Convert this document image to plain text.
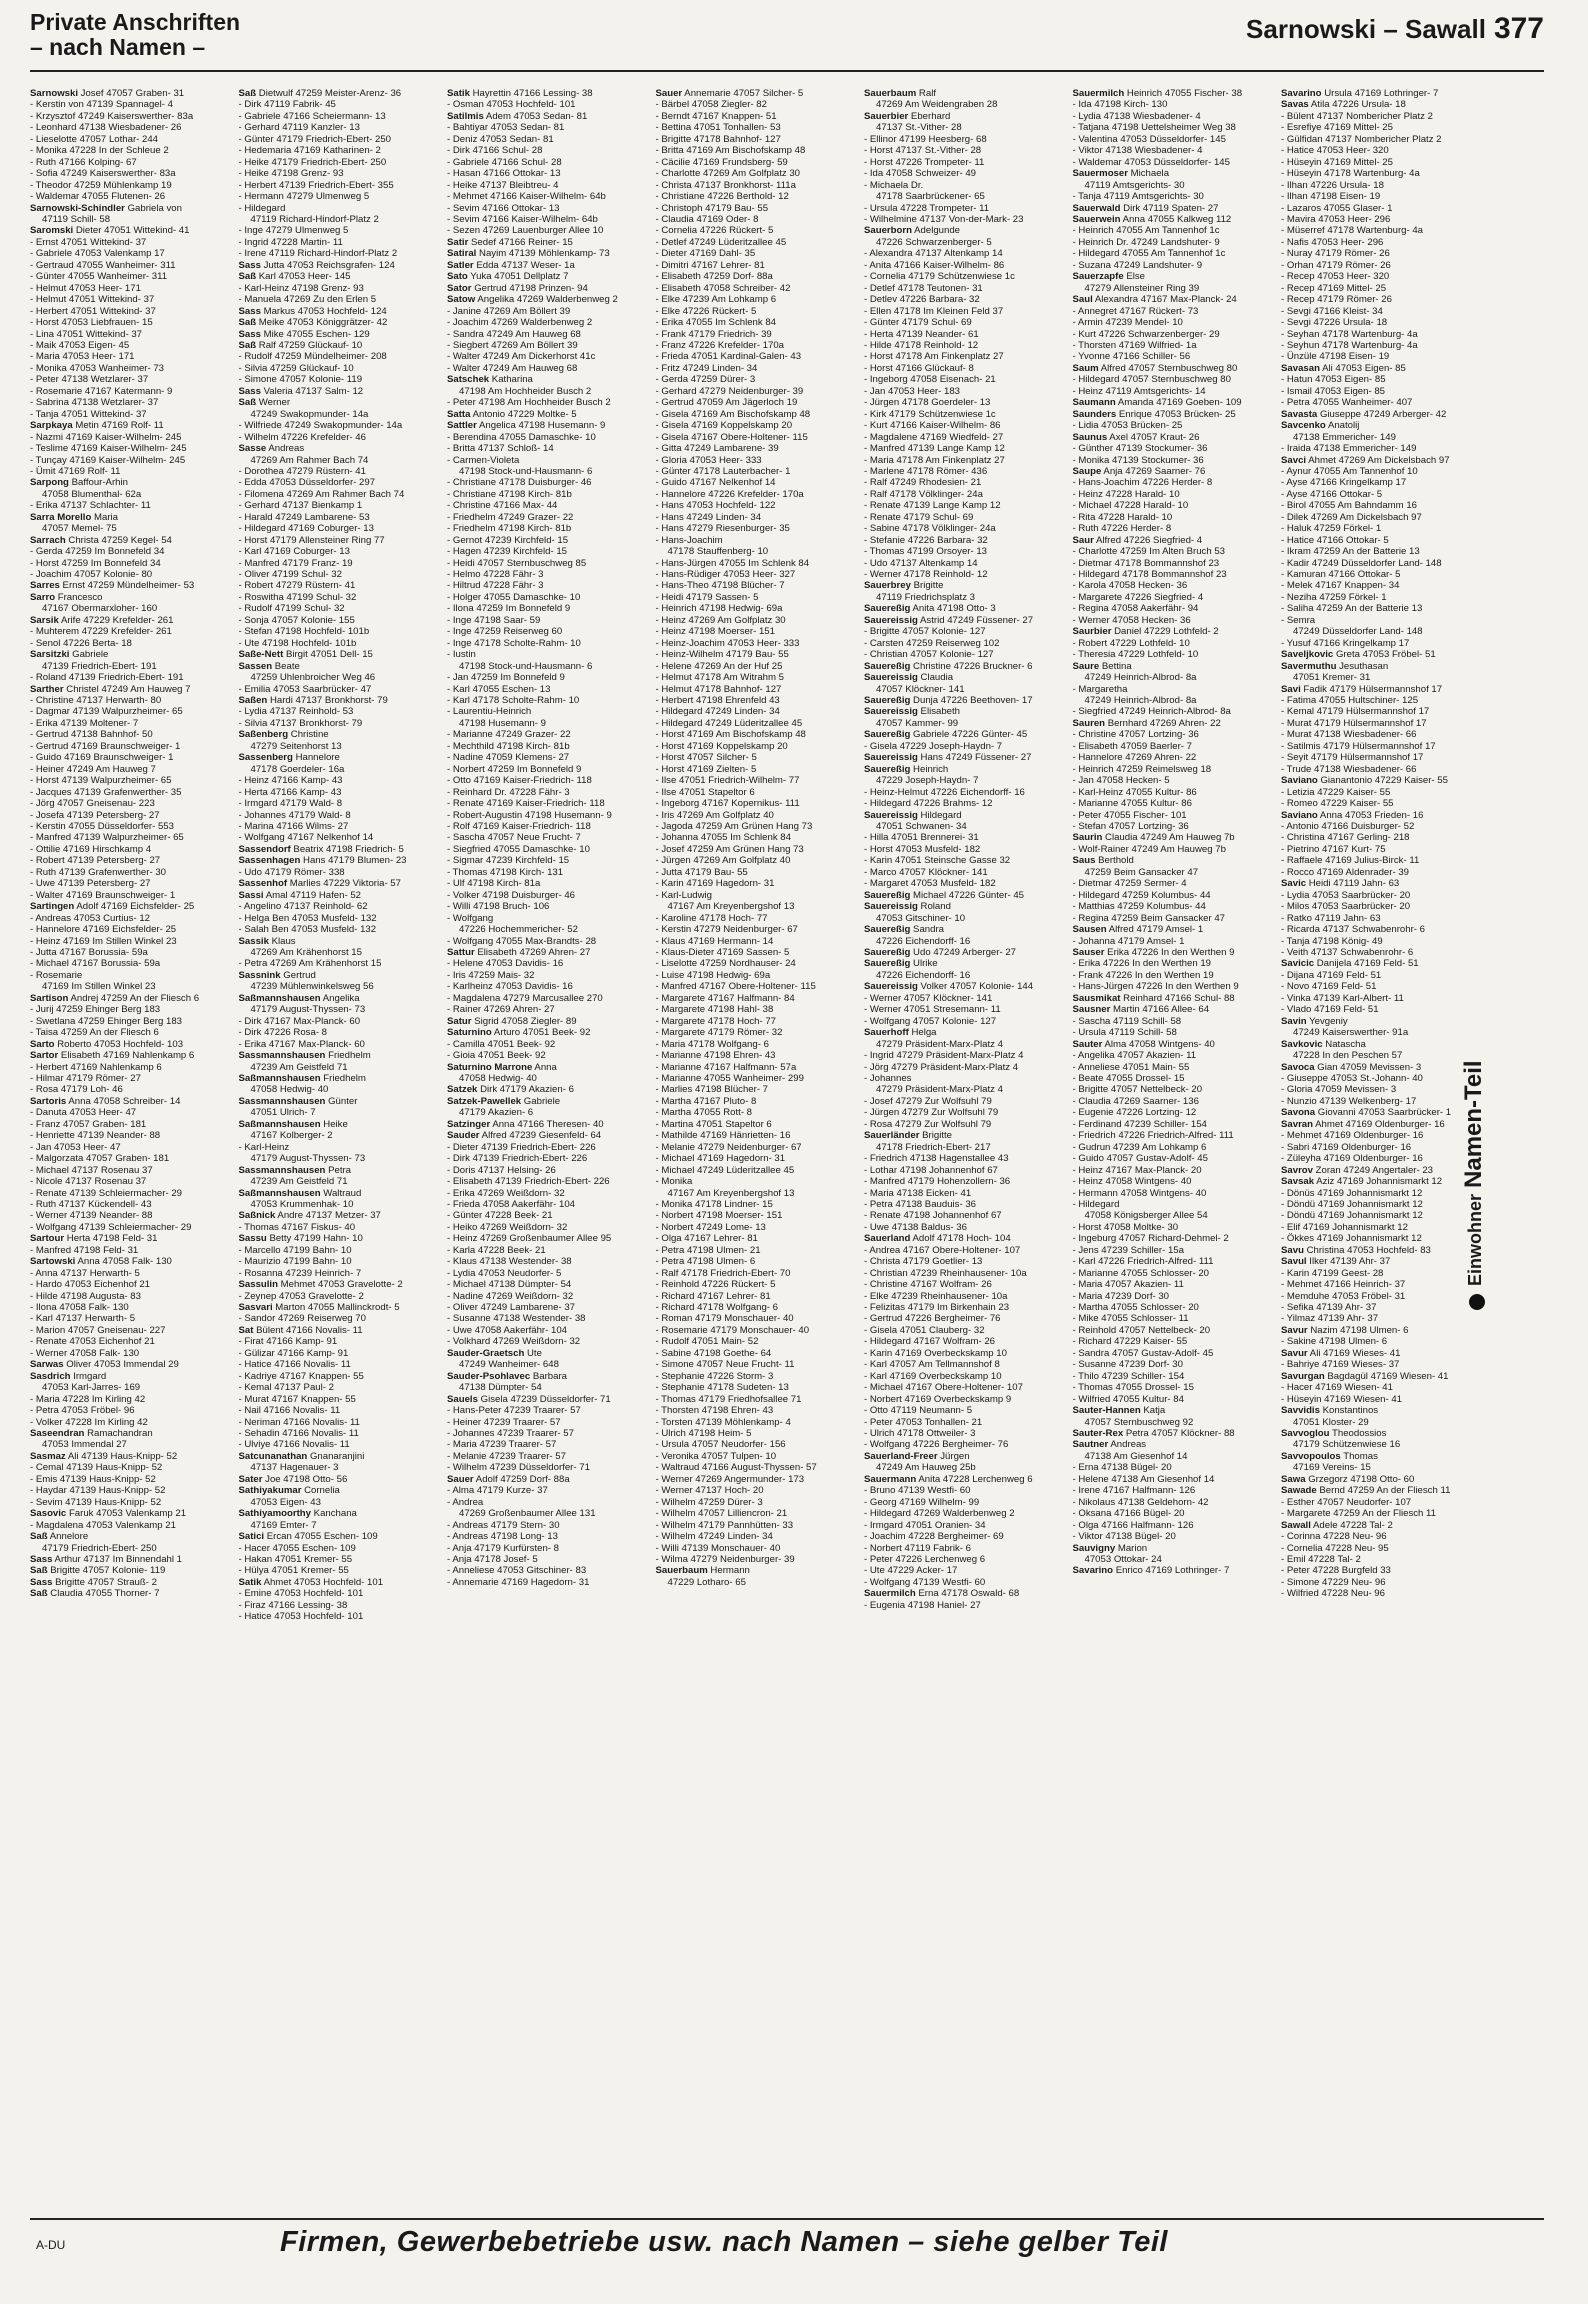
Private Anschriften
– nach Namen –
Sarnowski – Sawall 377
Sarnowski Josef 47057 Graben- 31
- Kerstin von 47139 Spannagel- 4
- Krzysztof 47249 Kaiserswerther- 83a
- Leonhard 47138 Wiesbadener- 26
- Lieselotte 47057 Lothar- 244
- Monika 47228 In der Schleue 2
- Ruth 47166 Kolping- 67
- Sofia 47249 Kaiserswerther- 83a
- Theodor 47259 Mühlenkamp 19
- Waldemar 47055 Flutenen- 26
Sarnowski-Schindler Gabriela von
47119 Schill- 58
Saromski Dieter 47051 Wittekind- 41
- Ernst 47051 Wittekind- 37
- Gabriele 47053 Valenkamp 17
- Gertraud 47055 Wanheimer- 311
- Günter 47055 Wanheimer- 311
- Helmut 47053 Heer- 171
- Helmut 47051 Wittekind- 37
- Herbert 47051 Wittekind- 37
- Horst 47053 Liebfrauen- 15
- Lina 47051 Wittekind- 37
- Maik 47053 Eigen- 45
- Maria 47053 Heer- 171
- Monika 47053 Wanheimer- 73
- Peter 47138 Wetzlarer- 37
- Rosemarie 47167 Katermann- 9
- Sabrina 47138 Wetzlarer- 37
- Tanja 47051 Wittekind- 37
Sarpkaya Metin 47169 Rolf- 11
- Nazmi 47169 Kaiser-Wilhelm- 245
- Teslime 47169 Kaiser-Wilhelm- 245
- Tunçay 47169 Kaiser-Wilhelm- 245
- Ümit 47169 Rolf- 11
Sarpong Baffour-Arhin
47058 Blumenthal- 62a
- Erika 47137 Schlachter- 11
Sarra Morello Maria
47057 Memel- 75
Sarrach Christa 47259 Kegel- 54
- Gerda 47259 Im Bonnefeld 34
- Horst 47259 Im Bonnefeld 34
- Joachim 47057 Kolonie- 80
Sarres Ernst 47259 Mündelheimer- 53
Sarro Francesco
47167 Obermarxloher- 160
Sarsik Arife 47229 Krefelder- 261
- Muhterem 47229 Krefelder- 261
- Senol 47226 Berta- 18
Sarsitzki Gabriele
47139 Friedrich-Ebert- 191
- Roland 47139 Friedrich-Ebert- 191
Sarther Christel 47249 Am Hauweg 7
- Christine 47137 Herwarth- 80
- Dagmar 47139 Walpurzheimer- 65
- Erika 47139 Moltener- 7
- Gertrud 47138 Bahnhof- 50
- Gertrud 47169 Braunschweiger- 1
- Guido 47169 Braunschweiger- 1
- Heiner 47249 Am Hauweg 7
- Horst 47139 Walpurzheimer- 65
- Jacques 47139 Grafenwerther- 35
- Jörg 47057 Gneisenau- 223
- Josefa 47139 Petersberg- 27
- Kerstin 47055 Düsseldorfer- 553
- Manfred 47139 Walpurzheimer- 65
- Ottilie 47169 Hirschkamp 4
- Robert 47139 Petersberg- 27
- Ruth 47139 Grafenwerther- 30
- Uwe 47139 Petersberg- 27
- Walter 47169 Braunschweiger- 1
Sartingen Adolf 47169 Eichsfelder- 25
- Andreas 47053 Curtius- 12
- Hannelore 47169 Eichsfelder- 25
- Heinz 47169 Im Stillen Winkel 23
- Jutta 47167 Borussia- 59a
- Michael 47167 Borussia- 59a
- Rosemarie
47169 Im Stillen Winkel 23
Sartison Andrej 47259 An der Fliesch 6
- Jurij 47259 Ehinger Berg 183
- Swetlana 47259 Ehinger Berg 183
- Taisa 47259 An der Fliesch 6
Sarto Roberto 47053 Hochfeld- 103
Sartor Elisabeth 47169 Nahlenkamp 6
- Herbert 47169 Nahlenkamp 6
- Hilmar 47179 Römer- 27
- Rosa 47179 Loh- 46
Sartoris Anna 47058 Schreiber- 14
- Danuta 47053 Heer- 47
- Franz 47057 Graben- 181
- Henriette 47139 Neander- 88
- Jan 47053 Heer- 47
- Malgorzata 47057 Graben- 181
- Michael 47137 Rosenau 37
- Nicole 47137 Rosenau 37
- Renate 47139 Schleiermacher- 29
- Ruth 47137 Kückendell- 43
- Werner 47139 Neander- 88
- Wolfgang 47139 Schleiermacher- 29
Sartour Herta 47198 Feld- 31
- Manfred 47198 Feld- 31
Sartowski Anna 47058 Falk- 130
- Anna 47137 Herwarth- 5
- Hardo 47053 Eichenhof 21
- Hilde 47198 Augusta- 83
- Ilona 47058 Falk- 130
- Karl 47137 Herwarth- 5
- Marion 47057 Gneisenau- 227
- Renate 47053 Eichenhof 21
- Werner 47058 Falk- 130
Sarwas Oliver 47053 Immendal 29
Sasdrich Irmgard
47053 Karl-Jarres- 169
- Maria 47228 Im Kirling 42
- Petra 47053 Fröbel- 96
- Volker 47228 Im Kirling 42
Saseendran Ramachandran
47053 Immendal 27
Sasmaz Ali 47139 Haus-Knipp- 52
- Cemal 47139 Haus-Knipp- 52
- Emis 47139 Haus-Knipp- 52
- Haydar 47139 Haus-Knipp- 52
- Sevim 47139 Haus-Knipp- 52
Sasovic Faruk 47053 Valenkamp 21
- Magdalena 47053 Valenkamp 21
Saß Annelore
47179 Friedrich-Ebert- 250
Sass Arthur 47137 Im Binnendahl 1
Saß Brigitte 47057 Kolonie- 119
Sass Brigitte 47057 Strauß- 2
Saß Claudia 47055 Thorner- 7
Saß Dietwulf 47259 Meister-Arenz- 36
- Dirk 47119 Fabrik- 45
- Gabriele 47166 Scheiermann- 13
- Gerhard 47119 Kanzler- 13
- Günter 47179 Friedrich-Ebert- 250
- Hedemaria 47169 Katharinen- 2
- Heike 47179 Friedrich-Ebert- 250
- Heike 47198 Grenz- 93
- Herbert 47139 Friedrich-Ebert- 355
- Hermann 47279 Ulmenweg 5
- Hildegard
47119 Richard-Hindorf-Platz 2
- Inge 47279 Ulmenweg 5
- Ingrid 47228 Martin- 11
- Irene 47119 Richard-Hindorf-Platz 2
Sass Jutta 47053 Reichsgrafen- 124
Saß Karl 47053 Heer- 145
- Karl-Heinz 47198 Grenz- 93
- Manuela 47269 Zu den Erlen 5
Sass Markus 47053 Hochfeld- 124
Saß Meike 47053 Königgrätzer- 42
Sass Mike 47055 Eschen- 129
Saß Ralf 47259 Glückauf- 10
- Rudolf 47259 Mündelheimer- 208
- Silvia 47259 Glückauf- 10
- Simone 47057 Kolonie- 119
Sass Valeria 47137 Salm- 12
Saß Werner
47249 Swakopmunder- 14a
- Wilfriede 47249 Swakopmunder- 14a
- Wilhelm 47226 Krefelder- 46
Sasse Andreas
47269 Am Rahmer Bach 74
- Dorothea 47279 Rüstern- 41
- Edda 47053 Düsseldorfer- 297
- Filomena 47269 Am Rahmer Bach 74
- Gerhard 47137 Bienkamp 1
- Harald 47249 Lambarene- 53
- Hildegard 47169 Coburger- 13
- Horst 47179 Allensteiner Ring 77
- Karl 47169 Coburger- 13
- Manfred 47179 Franz- 19
- Oliver 47199 Schul- 32
- Robert 47279 Rüstern- 41
- Roswitha 47199 Schul- 32
- Rudolf 47199 Schul- 32
- Sonja 47057 Kolonie- 155
- Stefan 47198 Hochfeld- 101b
- Ute 47198 Hochfeld- 101b
Saße-Nett Birgit 47051 Dell- 15
Sassen Beate
47259 Uhlenbroicher Weg 46
- Emilia 47053 Saarbrücker- 47
Saßen Hardi 47137 Bronkhorst- 79
- Lydia 47137 Reinhold- 53
- Silvia 47137 Bronkhorst- 79
Saßenberg Christine
47279 Seitenhorst 13
Sassenberg Hannelore
47178 Goerdeler- 16a
- Heinz 47166 Kamp- 43
- Herta 47166 Kamp- 43
- Irmgard 47179 Wald- 8
- Johannes 47179 Wald- 8
- Marina 47166 Wilms- 27
- Wolfgang 47167 Nelkenhof 14
Sassendorf Beatrix 47198 Friedrich- 5
Sassenhagen Hans 47179 Blumen- 23
- Udo 47179 Römer- 338
Sassenhof Marlies 47229 Viktoria- 57
Sassi Amal 47119 Hafen- 52
- Angelino 47137 Reinhold- 62
- Helga Ben 47053 Musfeld- 132
- Salah Ben 47053 Musfeld- 132
Sassik Klaus
47269 Am Krähenhorst 15
- Petra 47269 Am Krähenhorst 15
Sassnink Gertrud
47239 Mühlenwinkelsweg 56
Saßmannshausen Angelika
47179 August-Thyssen- 73
- Dirk 47167 Max-Planck- 60
- Dirk 47226 Rosa- 8
- Erika 47167 Max-Planck- 60
Sassmannshausen Friedhelm
47239 Am Geistfeld 71
Saßmannshausen Friedhelm
47058 Hedwig- 40
Sassmannshausen Günter
47051 Ulrich- 7
Saßmannshausen Heike
47167 Kolberger- 2
- Karl-Heinz
47179 August-Thyssen- 73
Sassmannshausen Petra
47239 Am Geistfeld 71
Saßmannshausen Waltraud
47053 Krummenhak- 10
Saßnick Andre 47137 Metzer- 37
- Thomas 47167 Fiskus- 40
Sassu Betty 47199 Hahn- 10
- Marcello 47199 Bahn- 10
- Maurizio 47199 Bahn- 10
- Rosanna 47239 Heinrich- 7
Sassulin Mehmet 47053 Gravelotte- 2
- Zeynep 47053 Gravelotte- 2
Sasvari Marton 47055 Mallinckrodt- 5
- Sandor 47269 Reiserweg 70
Sat Bülent 47166 Novalis- 11
- Firat 47166 Kamp- 91
- Gülizar 47166 Kamp- 91
- Hatice 47166 Novalis- 11
- Kadriye 47167 Knappen- 55
- Kemal 47137 Paul- 2
- Murat 47167 Knappen- 55
- Nail 47166 Novalis- 11
- Neriman 47166 Novalis- 11
- Sehadin 47166 Novalis- 11
- Ulviye 47166 Novalis- 11
Satcunanathan Gnanaranjini
47137 Hagenauer- 3
Sater Joe 47198 Otto- 56
Sathiyakumar Cornelia
47053 Eigen- 43
Sathiyamoorthy Kanchana
47169 Emter- 7
Satici Ercan 47055 Eschen- 109
- Hacer 47055 Eschen- 109
- Hakan 47051 Kremer- 55
- Hülya 47051 Kremer- 55
Satik Ahmet 47053 Hochfeld- 101
- Emine 47053 Hochfeld- 101
- Firaz 47166 Lessing- 38
- Hatice 47053 Hochfeld- 101
Satik Hayrettin 47166 Lessing- 38
- Osman 47053 Hochfeld- 101
Satilmis Adem 47053 Sedan- 81
- Bahtiyar 47053 Sedan- 81
- Deniz 47053 Sedan- 81
- Dirk 47166 Schul- 28
- Gabriele 47166 Schul- 28
- Hasan 47166 Ottokar- 13
- Heike 47137 Bleibtreu- 4
- Mehmet 47166 Kaiser-Wilhelm- 64b
- Sevim 47166 Ottokar- 13
- Sevim 47166 Kaiser-Wilhelm- 64b
- Sezen 47269 Lauenburger Allee 10
Satir Sedef 47166 Reiner- 15
Satiral Nayim 47139 Möhlenkamp- 73
Satler Edda 47137 Weser- 1a
Sato Yuka 47051 Dellplatz 7
Sator Gertrud 47198 Prinzen- 94
Satow Angelika 47269 Walderbenweg 2
- Janine 47269 Am Böllert 39
- Joachim 47269 Walderbenweg 2
- Sandra 47249 Am Hauweg 68
- Siegbert 47269 Am Böllert 39
- Walter 47249 Am Dickerhorst 41c
- Walter 47249 Am Hauweg 68
Satschek Katharina
47198 Am Hochheider Busch 2
- Peter 47198 Am Hochheider Busch 2
Satta Antonio 47229 Moltke- 5
Sattler Angelica 47198 Husemann- 9
- Berendina 47055 Damaschke- 10
- Britta 47137 Schloß- 14
- Carmen-Violeta
47198 Stock-und-Hausmann- 6
- Christiane 47178 Duisburger- 46
- Christiane 47198 Kirch- 81b
- Christine 47166 Max- 44
- Friedhelm 47249 Grazer- 22
- Friedhelm 47198 Kirch- 81b
- Gernot 47239 Kirchfeld- 15
- Hagen 47239 Kirchfeld- 15
- Heidi 47057 Sternbuschweg 85
- Helmo 47228 Fähr- 3
- Hiltrud 47228 Fähr- 3
- Holger 47055 Damaschke- 10
- Ilona 47259 Im Bonnefeld 9
- Inge 47198 Saar- 59
- Inge 47259 Reiserweg 60
- Inge 47178 Scholte-Rahm- 10
- Iustin
47198 Stock-und-Hausmann- 6
- Jan 47259 Im Bonnefeld 9
- Karl 47055 Eschen- 13
- Karl 47178 Scholte-Rahm- 10
- Laurentiu-Heinrich
47198 Husemann- 9
- Marianne 47249 Grazer- 22
- Mechthild 47198 Kirch- 81b
- Nadine 47059 Klemens- 27
- Norbert 47259 Im Bonnefeld 9
- Otto 47169 Kaiser-Friedrich- 118
- Reinhard Dr. 47228 Fähr- 3
- Renate 47169 Kaiser-Friedrich- 118
- Robert-Augustin 47198 Husemann- 9
- Rolf 47169 Kaiser-Friedrich- 118
- Sascha 47057 Neue Frucht- 7
- Siegfried 47055 Damaschke- 10
- Sigmar 47239 Kirchfeld- 15
- Thomas 47198 Kirch- 131
- Ulf 47198 Kirch- 81a
- Volker 47198 Duisburger- 46
- Willi 47198 Bruch- 106
- Wolfgang
47226 Hochemmericher- 52
- Wolfgang 47055 Max-Brandts- 28
Sattur Elisabeth 47269 Ahren- 27
- Helene 47053 Davidis- 16
- Iris 47259 Mais- 32
- Karlheinz 47053 Davidis- 16
- Magdalena 47279 Marcusallee 270
- Rainer 47269 Ahren- 27
Satur Sigrid 47058 Ziegler- 89
Saturnino Arturo 47051 Beek- 92
- Camilla 47051 Beek- 92
- Gioia 47051 Beek- 92
Saturnino Marrone Anna
47058 Hedwig- 40
Satzek Dirk 47179 Akazien- 6
Satzek-Pawellek Gabriele
47179 Akazien- 6
Satzinger Anna 47166 Theresen- 40
Sauder Alfred 47239 Giesenfeld- 64
- Dieter 47139 Friedrich-Ebert- 226
- Dirk 47139 Friedrich-Ebert- 226
- Doris 47137 Helsing- 26
- Elisabeth 47139 Friedrich-Ebert- 226
- Erika 47269 Weißdorn- 32
- Frieda 47058 Aakerfähr- 104
- Günter 47228 Beek- 21
- Heiko 47269 Weißdorn- 32
- Heinz 47269 Großenbaumer Allee 95
- Karla 47228 Beek- 21
- Klaus 47138 Westender- 38
- Lydia 47053 Neudorfer- 5
- Michael 47138 Dümpter- 54
- Nadine 47269 Weißdorn- 32
- Oliver 47249 Lambarene- 37
- Susanne 47138 Westender- 38
- Uwe 47058 Aakerfähr- 104
- Volkhard 47269 Weißdorn- 32
Sauder-Graetsch Ute
47249 Wanheimer- 648
Sauder-Psohlavec Barbara
47138 Dümpter- 54
Sauels Gisela 47239 Düsseldorfer- 71
- Hans-Peter 47239 Traarer- 57
- Heiner 47239 Traarer- 57
- Johannes 47239 Traarer- 57
- Maria 47239 Traarer- 57
- Melanie 47239 Traarer- 57
- Wilhelm 47239 Düsseldorfer- 71
Sauer Adolf 47259 Dorf- 88a
- Alma 47179 Kurze- 37
- Andrea
47269 Großenbaumer Allee 131
- Andreas 47179 Stern- 30
- Andreas 47198 Long- 13
- Anja 47179 Kurfürsten- 8
- Anja 47178 Josef- 5
- Anneliese 47053 Gitschiner- 83
- Annemarie 47169 Hagedorn- 31
Sauer Annemarie 47057 Silcher- 5
- Bärbel 47058 Ziegler- 82
- Berndt 47167 Knappen- 51
- Bettina 47051 Tonhallen- 53
- Brigitte 47178 Bahnhof- 127
- Britta 47169 Am Bischofskamp 48
- Cäcilie 47169 Frundsberg- 59
- Charlotte 47269 Am Golfplatz 30
- Christa 47137 Bronkhorst- 111a
- Christiane 47226 Berthold- 12
- Christoph 47179 Bau- 55
- Claudia 47169 Oder- 8
- Cornelia 47226 Rückert- 5
- Detlef 47249 Lüderitzallee 45
- Dieter 47169 Dahl- 35
- Dimitri 47167 Lehrer- 81
- Elisabeth 47259 Dorf- 88a
- Elisabeth 47058 Schreiber- 42
- Elke 47239 Am Lohkamp 6
- Elke 47226 Rückert- 5
- Erika 47055 Im Schlenk 84
- Frank 47179 Friedrich- 39
- Franz 47226 Krefelder- 170a
- Frieda 47051 Kardinal-Galen- 43
- Fritz 47249 Linden- 34
- Gerda 47259 Dürer- 3
- Gerhard 47279 Neidenburger- 39
- Gertrud 47059 Am Jägerloch 19
- Gisela 47169 Am Bischofskamp 48
- Gisela 47169 Koppelskamp 20
- Gisela 47167 Obere-Holtener- 115
- Gitta 47249 Lambarene- 39
- Gloria 47053 Heer- 333
- Günter 47178 Lauterbacher- 1
- Guido 47167 Nelkenhof 14
- Hannelore 47226 Krefelder- 170a
- Hans 47053 Hochfeld- 122
- Hans 47249 Linden- 34
- Hans 47279 Riesenburger- 35
- Hans-Joachim
47178 Stauffenberg- 10
- Hans-Jürgen 47055 Im Schlenk 84
- Hans-Rüdiger 47053 Heer- 327
- Hans-Theo 47198 Blücher- 7
- Heidi 47179 Sassen- 5
- Heinrich 47198 Hedwig- 69a
- Heinz 47269 Am Golfplatz 30
- Heinz 47198 Moerser- 151
- Heinz-Joachim 47053 Heer- 333
- Heinz-Wilhelm 47179 Bau- 55
- Helene 47269 An der Huf 25
- Helmut 47178 Am Witrahm 5
- Helmut 47178 Bahnhof- 127
- Herbert 47198 Ehrenfeld 43
- Hildegard 47249 Linden- 34
- Hildegard 47249 Lüderitzallee 45
- Horst 47169 Am Bischofskamp 48
- Horst 47169 Koppelskamp 20
- Horst 47057 Silcher- 5
- Horst 47169 Zielten- 5
- Ilse 47051 Friedrich-Wilhelm- 77
- Ilse 47051 Stapeltor 6
- Ingeborg 47167 Kopernikus- 111
- Iris 47269 Am Golfplatz 40
- Jagoda 47259 Am Grünen Hang 73
- Johanna 47055 Im Schlenk 84
- Josef 47259 Am Grünen Hang 73
- Jürgen 47269 Am Golfplatz 40
- Jutta 47179 Bau- 55
- Karin 47169 Hagedorn- 31
- Karl-Ludwig
47167 Am Kreyenbergshof 13
- Karoline 47178 Hoch- 77
- Kerstin 47279 Neidenburger- 67
- Klaus 47169 Hermann- 14
- Klaus-Dieter 47169 Sassen- 5
- Liselotte 47259 Nordhauser- 24
- Luise 47198 Hedwig- 69a
- Manfred 47167 Obere-Holtener- 115
- Margarete 47167 Halfmann- 84
- Margarete 47198 Hahl- 38
- Margarete 47178 Hoch- 77
- Margarete 47179 Römer- 32
- Maria 47178 Wolfgang- 6
- Marianne 47198 Ehren- 43
- Marianne 47167 Halfmann- 57a
- Marianne 47055 Wanheimer- 299
- Marlies 47198 Blücher- 7
- Martha 47167 Pluto- 8
- Martha 47055 Rott- 8
- Martina 47051 Stapeltor 6
- Mathilde 47169 Hänrietten- 16
- Melanie 47279 Neidenburger- 67
- Michael 47169 Hagedorn- 31
- Michael 47249 Lüderitzallee 45
- Monika
47167 Am Kreyenbergshof 13
- Monika 47178 Lindner- 15
- Norbert 47198 Moerser- 151
- Norbert 47249 Lome- 13
- Olga 47167 Lehrer- 81
- Petra 47198 Ulmen- 21
- Petra 47198 Ulmen- 6
- Ralf 47178 Friedrich-Ebert- 70
- Reinhold 47226 Rückert- 5
- Richard 47167 Lehrer- 81
- Richard 47178 Wolfgang- 6
- Roman 47179 Monschauer- 40
- Rosemarie 47179 Monschauer- 40
- Rudolf 47051 Main- 52
- Sabine 47198 Goethe- 64
- Simone 47057 Neue Frucht- 11
- Stephanie 47226 Storm- 3
- Stephanie 47178 Sudeten- 13
- Thomas 47179 Friedhofsallee 71
- Thorsten 47198 Ehren- 43
- Torsten 47139 Möhlenkamp- 4
- Ulrich 47198 Heim- 5
- Ursula 47057 Neudorfer- 156
- Veronika 47057 Tulpen- 10
- Waltraud 47166 August-Thyssen- 57
- Werner 47269 Angermunder- 173
- Werner 47137 Hoch- 20
- Wilhelm 47259 Dürer- 3
- Wilhelm 47057 Lilliencron- 21
- Wilhelm 47179 Pannhütten- 33
- Wilhelm 47249 Linden- 34
- Willi 47139 Monschauer- 40
- Wilma 47279 Neidenburger- 39
Sauerbaum Hermann
47229 Lotharo- 65
Sauerbaum Ralf
47269 Am Weidengraben 28
Sauerbier Eberhard
47137 St.-Vither- 28
- Ellinor 47199 Heesberg- 68
- Horst 47137 St.-Vither- 28
- Horst 47226 Trompeter- 11
- Ida 47058 Schweizer- 49
- Michaela Dr.
47178 Saarbrückener- 65
- Ursula 47228 Trompeter- 11
- Wilhelmine 47137 Von-der-Mark- 23
Sauerborn Adelgunde
47226 Schwarzenberger- 5
- Alexandra 47137 Altenkamp 14
- Anita 47166 Kaiser-Wilhelm- 86
- Cornelia 47179 Schützenwiese 1c
- Detlef 47178 Teutonen- 31
- Detlev 47226 Barbara- 32
- Ellen 47178 Im Kleinen Feld 37
- Günter 47179 Schul- 69
- Herta 47139 Neander- 61
- Hilde 47178 Reinhold- 12
- Horst 47178 Am Finkenplatz 27
- Horst 47166 Glückauf- 8
- Ingeborg 47058 Eisenach- 21
- Jan 47053 Heer- 183
- Jürgen 47178 Goerdeler- 13
- Kirk 47179 Schützenwiese 1c
- Kurt 47166 Kaiser-Wilhelm- 86
- Magdalene 47169 Wiedfeld- 27
- Manfred 47139 Lange Kamp 12
- Maria 47178 Am Finkenplatz 27
- Marlene 47178 Römer- 436
- Ralf 47249 Rhodesien- 21
- Ralf 47178 Völklinger- 24a
- Renate 47139 Lange Kamp 12
- Renate 47179 Schul- 69
- Sabine 47178 Völklinger- 24a
- Stefanie 47226 Barbara- 32
- Thomas 47199 Orsoyer- 13
- Udo 47137 Altenkamp 14
- Werner 47178 Reinhold- 12
Sauerbrey Brigitte
47119 Friedrichsplatz 3
Sauereßig Anita 47198 Otto- 3
Sauereissig Astrid 47249 Füssener- 27
- Brigitte 47057 Kolonie- 127
- Carsten 47259 Reiserweg 102
- Christian 47057 Kolonie- 127
Sauereßig Christine 47226 Bruckner- 6
Sauereissig Claudia
47057 Klöckner- 141
Sauereßig Dunja 47226 Beethoven- 17
Sauereissig Elisabeth
47057 Kammer- 99
Sauereßig Gabriele 47226 Günter- 45
- Gisela 47229 Joseph-Haydn- 7
Sauereissig Hans 47249 Füssener- 27
Sauereßig Heinrich
47229 Joseph-Haydn- 7
- Heinz-Helmut 47226 Eichendorff- 16
- Hildegard 47226 Brahms- 12
Sauereissig Hildegard
47051 Schwanen- 34
- Hilla 47051 Brennerei- 31
- Horst 47053 Musfeld- 182
- Karin 47051 Steinsche Gasse 32
- Marco 47057 Klöckner- 141
- Margaret 47053 Musfeld- 182
Sauereßig Michael 47226 Günter- 45
Sauereissig Roland
47053 Gitschiner- 10
Sauereßig Sandra
47226 Eichendorff- 16
Sauereßig Udo 47249 Arberger- 27
Sauereßig Ulrike
47226 Eichendorff- 16
Sauereissig Volker 47057 Kolonie- 144
- Werner 47057 Klöckner- 141
- Werner 47051 Stresemann- 11
- Wolfgang 47057 Kolonie- 127
Sauerhoff Helga
47279 Präsident-Marx-Platz 4
- Ingrid 47279 Präsident-Marx-Platz 4
- Jörg 47279 Präsident-Marx-Platz 4
- Johannes
47279 Präsident-Marx-Platz 4
- Josef 47279 Zur Wolfsuhl 79
- Jürgen 47279 Zur Wolfsuhl 79
- Rosa 47279 Zur Wolfsuhl 79
Sauerländer Brigitte
47178 Friedrich-Ebert- 217
- Friedrich 47138 Hagenstallee 43
- Lothar 47198 Johannenhof 67
- Manfred 47179 Hohenzollern- 36
- Maria 47138 Eicken- 41
- Petra 47138 Bauduis- 36
- Renate 47198 Johannenhof 67
- Uwe 47138 Baldus- 36
Sauerland Adolf 47178 Hoch- 104
- Andrea 47167 Obere-Holtener- 107
- Christa 47179 Goetlier- 13
- Christian 47239 Rheinhausener- 10a
- Christine 47167 Wolfram- 26
- Elke 47239 Rheinhausener- 10a
- Felizitas 47179 Im Birkenhain 23
- Gertrud 47226 Bergheimer- 76
- Gisela 47051 Clauberg- 32
- Hildegard 47167 Wolfram- 26
- Karin 47169 Overbeckskamp 10
- Karl 47057 Am Tellmannshof 8
- Karl 47169 Overbeckskamp 10
- Michael 47167 Obere-Holtener- 107
- Norbert 47169 Overbeckskamp 9
- Otto 47119 Neumann- 5
- Peter 47053 Tonhallen- 21
- Ulrich 47178 Ottweiler- 3
- Wolfgang 47226 Bergheimer- 76
Sauerland-Freer Jürgen
47249 Am Hauweg 25b
Sauermann Anita 47228 Lerchenweg 6
- Bruno 47139 Westfi- 60
- Georg 47169 Wilhelm- 99
- Hildegard 47269 Walderbenweg 2
- Irmgard 47051 Oranien- 34
- Joachim 47228 Bergheimer- 69
- Norbert 47119 Fabrik- 6
- Peter 47226 Lerchenweg 6
- Ute 47229 Acker- 17
- Wolfgang 47139 Westfi- 60
Sauermilch Erna 47178 Oswald- 68
- Eugenia 47198 Haniel- 27
Sauermilch Heinrich 47055 Fischer- 38
- Ida 47198 Kirch- 130
- Lydia 47138 Wiesbadener- 4
- Tatjana 47198 Uettelsheimer Weg 38
- Valentina 47053 Düsseldorfer- 145
- Viktor 47138 Wiesbadener- 4
- Waldemar 47053 Düsseldorfer- 145
Sauermoser Michaela
47119 Amtsgerichts- 30
- Tanja 47119 Amtsgerichts- 30
Sauerwald Dirk 47119 Spaten- 27
Sauerwein Anna 47055 Kalkweg 112
- Heinrich 47055 Am Tannenhof 1c
- Heinrich Dr. 47249 Landshuter- 9
- Hildegard 47055 Am Tannenhof 1c
- Suzana 47249 Landshuter- 9
Sauerzapfe Else
47279 Allensteiner Ring 39
Saul Alexandra 47167 Max-Planck- 24
- Annegret 47167 Rückert- 73
- Armin 47239 Mendel- 10
- Kurt 47226 Schwarzenberger- 29
- Thorsten 47169 Wilfried- 1a
- Yvonne 47166 Schiller- 56
Saum Alfred 47057 Sternbuschweg 80
- Hildegard 47057 Sternbuschweg 80
- Heinz 47119 Amtsgerichts- 14
Saumann Amanda 47169 Goeben- 109
Saunders Enrique 47053 Brücken- 25
- Lidia 47053 Brücken- 25
Saunus Axel 47057 Kraut- 26
- Günther 47139 Stockumer- 36
- Monika 47139 Stockumer- 36
Saupe Anja 47269 Saarner- 76
- Hans-Joachim 47226 Herder- 8
- Heinz 47228 Harald- 10
- Michael 47228 Harald- 10
- Rita 47228 Harald- 10
- Ruth 47226 Herder- 8
Saur Alfred 47226 Siegfried- 4
- Charlotte 47259 Im Alten Bruch 53
- Dietmar 47178 Bommannshof 23
- Hildegard 47178 Bommannshof 23
- Karola 47058 Hecken- 36
- Margarete 47226 Siegfried- 4
- Regina 47058 Aakerfähr- 94
- Werner 47058 Hecken- 36
Saurbier Daniel 47229 Lothfeld- 2
- Robert 47229 Lothfeld- 10
- Theresia 47229 Lothfeld- 10
Saure Bettina
47249 Heinrich-Albrod- 8a
- Margaretha
47249 Heinrich-Albrod- 8a
- Siegfried 47249 Heinrich-Albrod- 8a
Sauren Bernhard 47269 Ahren- 22
- Christine 47057 Lortzing- 36
- Elisabeth 47059 Baerler- 7
- Hannelore 47269 Ahren- 22
- Heinrich 47259 Reimelsweg 18
- Jan 47058 Hecken- 5
- Karl-Heinz 47055 Kultur- 86
- Marianne 47055 Kultur- 86
- Peter 47055 Fischer- 101
- Stefan 47057 Lortzing- 36
Saurin Claudia 47249 Am Hauweg 7b
- Wolf-Rainer 47249 Am Hauweg 7b
Saus Berthold
47259 Beim Gansacker 47
- Dietmar 47259 Sermer- 4
- Hildegard 47259 Kolumbus- 44
- Matthias 47259 Kolumbus- 44
- Regina 47259 Beim Gansacker 47
Sausen Alfred 47179 Amsel- 1
- Johanna 47179 Amsel- 1
Sauser Erika 47226 In den Werthen 9
- Erika 47226 In den Werthen 19
- Frank 47226 In den Werthen 19
- Hans-Jürgen 47226 In den Werthen 9
Sausmikat Reinhard 47166 Schul- 88
Sausner Martin 47166 Allee- 64
- Sascha 47119 Schill- 58
- Ursula 47119 Schill- 58
Sauter Alma 47058 Wintgens- 40
- Angelika 47057 Akazien- 11
- Anneliese 47051 Main- 55
- Beate 47055 Drossel- 15
- Brigitte 47057 Nettelbeck- 20
- Claudia 47269 Saarner- 136
- Eugenie 47226 Lortzing- 12
- Ferdinand 47239 Schiller- 154
- Friedrich 47226 Friedrich-Alfred- 111
- Gudrun 47239 Am Lohkamp 6
- Guido 47057 Gustav-Adolf- 45
- Heinz 47167 Max-Planck- 20
- Heinz 47058 Wintgens- 40
- Hermann 47058 Wintgens- 40
- Hildegard
47058 Königsberger Allee 54
- Horst 47058 Moltke- 30
- Ingeburg 47057 Richard-Dehmel- 2
- Jens 47239 Schiller- 15a
- Karl 47226 Friedrich-Alfred- 111
- Marianne 47055 Schlosser- 20
- Maria 47057 Akazien- 11
- Maria 47239 Dorf- 30
- Martha 47055 Schlosser- 20
- Mike 47055 Schlosser- 11
- Reinhold 47057 Nettelbeck- 20
- Richard 47229 Kaiser- 55
- Sandra 47057 Gustav-Adolf- 45
- Susanne 47239 Dorf- 30
- Thilo 47239 Schiller- 154
- Thomas 47055 Drossel- 15
- Wilfried 47055 Kultur- 84
Sauter-Hannen Katja
47057 Sternbuschweg 92
Sauter-Rex Petra 47057 Klöckner- 88
Sautner Andreas
47138 Am Giesenhof 14
- Erna 47138 Bügel- 20
- Helene 47138 Am Giesenhof 14
- Irene 47167 Halfmann- 126
- Nikolaus 47138 Geldehorn- 42
- Oksana 47166 Bügel- 20
- Olga 47166 Halfmann- 126
- Viktor 47138 Bügel- 20
Sauvigny Marion
47053 Ottokar- 24
Savarino Enrico 47169 Lothringer- 7
Savarino Ursula 47169 Lothringer- 7
Savas Atila 47226 Ursula- 18
- Bülent 47137 Nombericher Platz 2
- Esrefiye 47169 Mittel- 25
- Gülfidan 47137 Nombericher Platz 2
- Hatice 47053 Heer- 320
- Hüseyin 47169 Mittel- 25
- Hüseyin 47178 Wartenburg- 4a
- Ilhan 47226 Ursula- 18
- Ilhan 47198 Eisen- 19
- Lazaros 47055 Glaser- 1
- Mavira 47053 Heer- 296
- Müserref 47178 Wartenburg- 4a
- Nafis 47053 Heer- 296
- Nuray 47179 Römer- 26
- Orhan 47179 Römer- 26
- Recep 47053 Heer- 320
- Recep 47169 Mittel- 25
- Recep 47179 Römer- 26
- Sevgi 47166 Kleist- 34
- Sevgi 47226 Ursula- 18
- Seyhan 47178 Wartenburg- 4a
- Seyhun 47178 Wartenburg- 4a
- Ünzüle 47198 Eisen- 19
Savasan Ali 47053 Eigen- 85
- Hatun 47053 Eigen- 85
- Ismail 47053 Eigen- 85
- Petra 47055 Wanheimer- 407
Savasta Giuseppe 47249 Arberger- 42
Savcenko Anatolij
47138 Emmericher- 149
- Iraida 47138 Emmericher- 149
Savci Ahmet 47269 Am Dickelsbach 97
- Aynur 47055 Am Tannenhof 10
- Ayse 47166 Kringelkamp 17
- Ayse 47166 Ottokar- 5
- Birol 47055 Am Bahndamm 16
- Dilek 47269 Am Dickelsbach 97
- Haluk 47259 Förkel- 1
- Hatice 47166 Ottokar- 5
- Ikram 47259 An der Batterie 13
- Kadir 47249 Düsseldorfer Land- 148
- Kamuran 47166 Ottokar- 5
- Melek 47167 Knappen- 34
- Neziha 47259 Förkel- 1
- Saliha 47259 An der Batterie 13
- Semra
47249 Düsseldorfer Land- 148
- Yusuf 47166 Kringelkamp 17
Saveljkovic Greta 47053 Fröbel- 51
Savermuthu Jesuthasan
47051 Kremer- 31
Savi Fadik 47179 Hülsermannshof 17
- Fatima 47055 Hultschiner- 125
- Kemal 47179 Hülsermannshof 17
- Murat 47179 Hülsermannshof 17
- Murat 47138 Wiesbadener- 66
- Satilmis 47179 Hülsermannshof 17
- Seyit 47179 Hülsermannshof 17
- Trude 47138 Wiesbadener- 66
Saviano Gianantonio 47229 Kaiser- 55
- Letizia 47229 Kaiser- 55
- Romeo 47229 Kaiser- 55
Saviano Anna 47053 Frieden- 16
- Antonio 47166 Duisburger- 52
- Christina 47167 Gerling- 218
- Pietrino 47167 Kurt- 75
- Raffaele 47169 Julius-Birck- 11
- Rocco 47169 Aldenrader- 39
Savic Heidi 47119 Jahn- 63
- Lydia 47053 Saarbrücker- 20
- Milos 47053 Saarbrücker- 20
- Ratko 47119 Jahn- 63
- Ricarda 47137 Schwabenrohr- 6
- Tanja 47198 König- 49
- Veith 47137 Schwabenrohr- 6
Savicic Danijela 47169 Feld- 51
- Dijana 47169 Feld- 51
- Novo 47169 Feld- 51
- Vinka 47139 Karl-Albert- 11
- Vlado 47169 Feld- 51
Savin Yevgeniy
47249 Kaiserswerther- 91a
Savkovic Natascha
47228 In den Peschen 57
Savoca Gian 47059 Mevissen- 3
- Giuseppe 47053 St.-Johann- 40
- Gloria 47059 Mevissen- 3
- Nunzio 47139 Welkenberg- 17
Savona Giovanni 47053 Saarbrücker- 1
Savran Ahmet 47169 Oldenburger- 16
- Mehmet 47169 Oldenburger- 16
- Sabri 47169 Oldenburger- 16
- Züleyha 47169 Oldenburger- 16
Savrov Zoran 47249 Angertaler- 23
Savsak Aziz 47169 Johannismarkt 12
- Dönüs 47169 Johannismarkt 12
- Döndü 47169 Johannismarkt 12
- Döndü 47169 Johannismarkt 12
- Elif 47169 Johannismarkt 12
- Ökkes 47169 Johannismarkt 12
Savu Christina 47053 Hochfeld- 83
Savul Ilker 47139 Ahr- 37
- Karin 47199 Geest- 28
- Mehmet 47166 Heinrich- 37
- Memduhe 47053 Fröbel- 31
- Sefika 47139 Ahr- 37
- Yilmaz 47139 Ahr- 37
Savur Nazim 47198 Ulmen- 6
- Sakine 47198 Ulmen- 6
Savur Ali 47169 Wieses- 41
- Bahriye 47169 Wieses- 37
Savurgan Bagdagül 47169 Wiesen- 41
- Hacer 47169 Wiesen- 41
- Hüseyin 47169 Wiesen- 41
Savvidis Konstantinos
47051 Kloster- 29
Savvoglou Theodossios
47179 Schützenwiese 16
Savvopoulos Thomas
47169 Vereins- 15
Sawa Grzegorz 47198 Otto- 60
Sawade Bernd 47259 An der Fliesch 11
- Esther 47057 Neudorfer- 107
- Margarete 47259 An der Fliesch 11
Sawall Adele 47228 Tal- 2
- Corinna 47228 Neu- 96
- Cornelia 47228 Neu- 95
- Emil 47228 Tal- 2
- Peter 47228 Burgfeld 33
- Simone 47229 Neu- 96
- Wilfried 47228 Neu- 96
EinwohnerNamen-Teil
A-DU	Firmen, Gewerbebetriebe usw. nach Namen – siehe gelber Teil
